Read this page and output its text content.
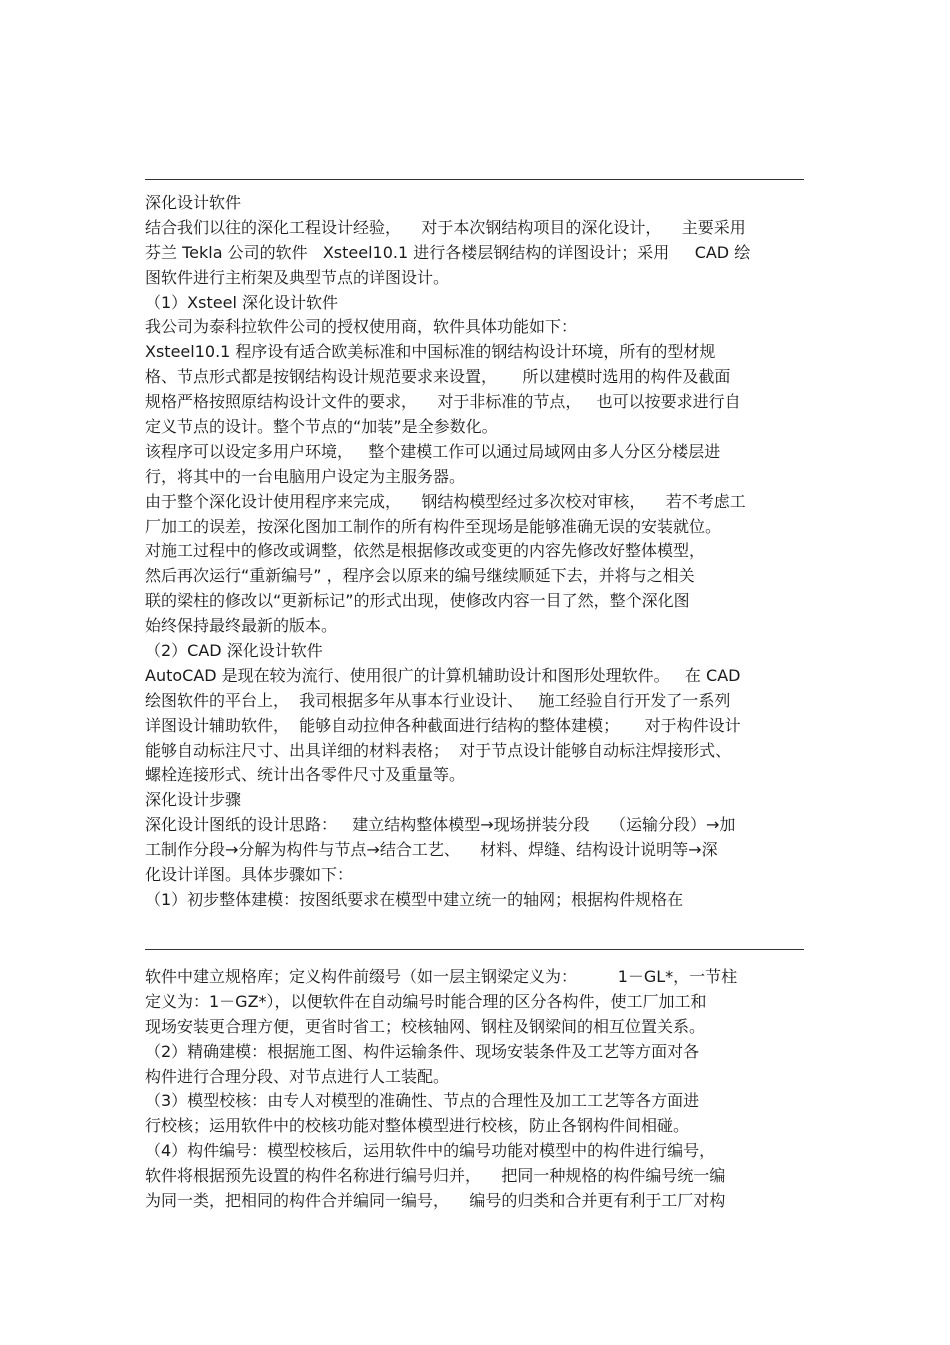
深化设计软件
结合我们以往的深化工程设计经验，    对于本次钢结构项目的深化设计，    主要采用
芬兰 Tekla 公司的软件   Xsteel10.1 进行各楼层钢结构的详图设计；采用     CAD 绘
图软件进行主桁架及典型节点的详图设计。
（1）Xsteel 深化设计软件
我公司为泰科拉软件公司的授权使用商，软件具体功能如下：
Xsteel10.1 程序设有适合欧美标准和中国标准的钢结构设计环境，所有的型材规
格、节点形式都是按钢结构设计规范要求来设置，     所以建模时选用的构件及截面
规格严格按照原结构设计文件的要求，    对于非标准的节点，   也可以按要求进行自
定义节点的设计。整个节点的“加装”是全参数化。
该程序可以设定多用户环境，   整个建模工作可以通过局域网由多人分区分楼层进
行，将其中的一台电脑用户设定为主服务器。
由于整个深化设计使用程序来完成，    钢结构模型经过多次校对审核，    若不考虑工
厂加工的误差，按深化图加工制作的所有构件至现场是能够准确无误的安装就位。
对施工过程中的修改或调整，依然是根据修改或变更的内容先修改好整体模型，
然后再次运行“重新编号” ，程序会以原来的编号继续顺延下去，并将与之相关
联的梁柱的修改以“更新标记”的形式出现，使修改内容一目了然，整个深化图
始终保持最终最新的版本。
（2）CAD 深化设计软件
AutoCAD 是现在较为流行、使用很广的计算机辅助设计和图形处理软件。   在 CAD
绘图软件的平台上，  我司根据多年从事本行业设计、   施工经验自行开发了一系列
详图设计辅助软件，  能够自动拉伸各种截面进行结构的整体建模；     对于构件设计
能够自动标注尺寸、出具详细的材料表格；  对于节点设计能够自动标注焊接形式、
螺栓连接形式、统计出各零件尺寸及重量等。
深化设计步骤
深化设计图纸的设计思路：   建立结构整体模型→现场拼装分段    （运输分段）→加
工制作分段→分解为构件与节点→结合工艺、    材料、焊缝、结构设计说明等→深
化设计详图。具体步骤如下：
（1）初步整体建模：按图纸要求在模型中建立统一的轴网；根据构件规格在
软件中建立规格库；定义构件前缀号（如一层主钢梁定义为：        1－GL*，一节柱
定义为：1－GZ*），以便软件在自动编号时能合理的区分各构件，使工厂加工和
现场安装更合理方便，更省时省工；校核轴网、钢柱及钢梁间的相互位置关系。
（2）精确建模：根据施工图、构件运输条件、现场安装条件及工艺等方面对各
构件进行合理分段、对节点进行人工装配。
（3）模型校核：由专人对模型的准确性、节点的合理性及加工工艺等各方面进
行校核；运用软件中的校核功能对整体模型进行校核，防止各钢构件间相碰。
（4）构件编号：模型校核后，运用软件中的编号功能对模型中的构件进行编号，
软件将根据预先设置的构件名称进行编号归并，    把同一种规格的构件编号统一编
为同一类，把相同的构件合并编同一编号，    编号的归类和合并更有利于工厂对构
